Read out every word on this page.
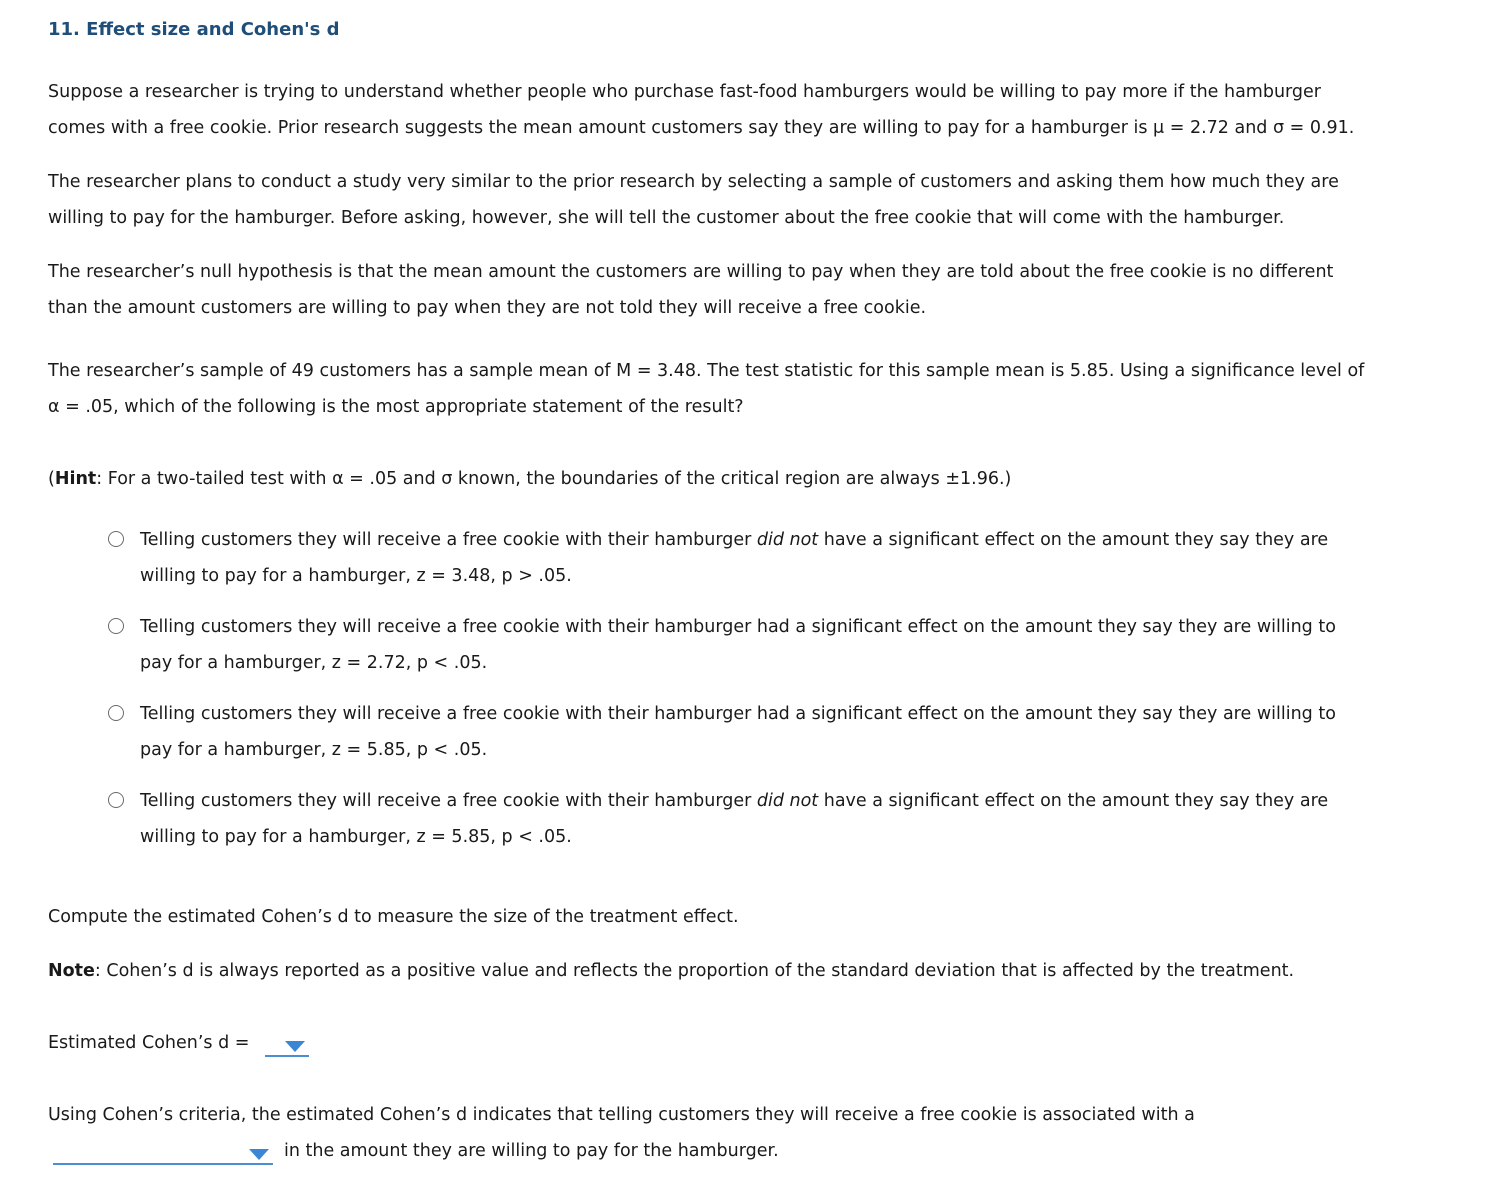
11. Effect size and Cohen's d
Suppose a researcher is trying to understand whether people who purchase fast-food hamburgers would be willing to pay more if the hamburger
comes with a free cookie. Prior research suggests the mean amount customers say they are willing to pay for a hamburger is μ = 2.72 and σ = 0.91.
The researcher plans to conduct a study very similar to the prior research by selecting a sample of customers and asking them how much they are
willing to pay for the hamburger. Before asking, however, she will tell the customer about the free cookie that will come with the hamburger.
The researcher’s null hypothesis is that the mean amount the customers are willing to pay when they are told about the free cookie is no different
than the amount customers are willing to pay when they are not told they will receive a free cookie.
The researcher’s sample of 49 customers has a sample mean of M = 3.48. The test statistic for this sample mean is 5.85. Using a significance level of
α = .05, which of the following is the most appropriate statement of the result?
(Hint: For a two-tailed test with α = .05 and σ known, the boundaries of the critical region are always ±1.96.)
Telling customers they will receive a free cookie with their hamburger did not have a significant effect on the amount they say they are
willing to pay for a hamburger, z = 3.48, p > .05.
Telling customers they will receive a free cookie with their hamburger had a significant effect on the amount they say they are willing to
pay for a hamburger, z = 2.72, p < .05.
Telling customers they will receive a free cookie with their hamburger had a significant effect on the amount they say they are willing to
pay for a hamburger, z = 5.85, p < .05.
Telling customers they will receive a free cookie with their hamburger did not have a significant effect on the amount they say they are
willing to pay for a hamburger, z = 5.85, p < .05.
Compute the estimated Cohen’s d to measure the size of the treatment effect.
Note: Cohen’s d is always reported as a positive value and reflects the proportion of the standard deviation that is affected by the treatment.
Estimated Cohen’s d =
Using Cohen’s criteria, the estimated Cohen’s d indicates that telling customers they will receive a free cookie is associated with a
in the amount they are willing to pay for the hamburger.
